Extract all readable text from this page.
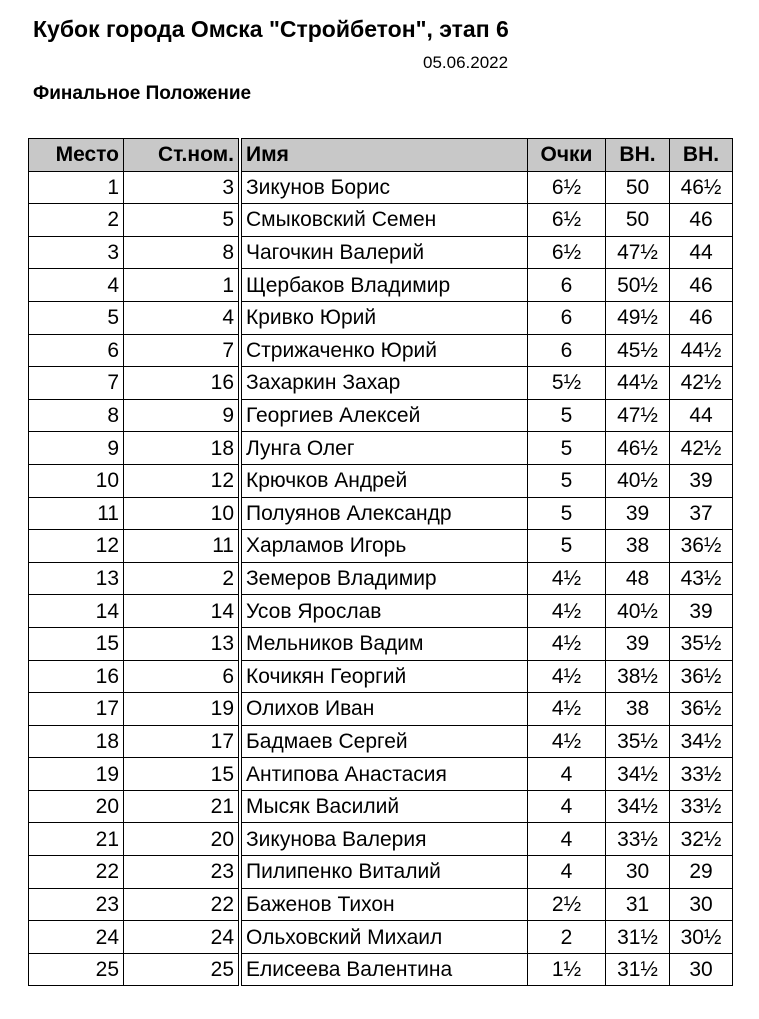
Кубок города Омска "Стройбетон", этап 6
05.06.2022
Финальное Положение
Место	Ст.ном.	Имя	Очки	ВН.	ВН.
1	3	Зикунов Борис	6½	50	46½
2	5	Смыковский Семен	6½	50	46
3	8	Чагочкин Валерий	6½	47½	44
4	1	Щербаков Владимир	6	50½	46
5	4	Кривко Юрий	6	49½	46
6	7	Стрижаченко Юрий	6	45½	44½
7	16	Захаркин Захар	5½	44½	42½
8	9	Георгиев Алексей	5	47½	44
9	18	Лунга Олег	5	46½	42½
10	12	Крючков Андрей	5	40½	39
11	10	Полуянов Александр	5	39	37
12	11	Харламов Игорь	5	38	36½
13	2	Земеров Владимир	4½	48	43½
14	14	Усов Ярослав	4½	40½	39
15	13	Мельников Вадим	4½	39	35½
16	6	Кочикян Георгий	4½	38½	36½
17	19	Олихов Иван	4½	38	36½
18	17	Бадмаев Сергей	4½	35½	34½
19	15	Антипова Анастасия	4	34½	33½
20	21	Мысяк Василий	4	34½	33½
21	20	Зикунова Валерия	4	33½	32½
22	23	Пилипенко Виталий	4	30	29
23	22	Баженов Тихон	2½	31	30
24	24	Ольховский Михаил	2	31½	30½
25	25	Елисеева Валентина	1½	31½	30
